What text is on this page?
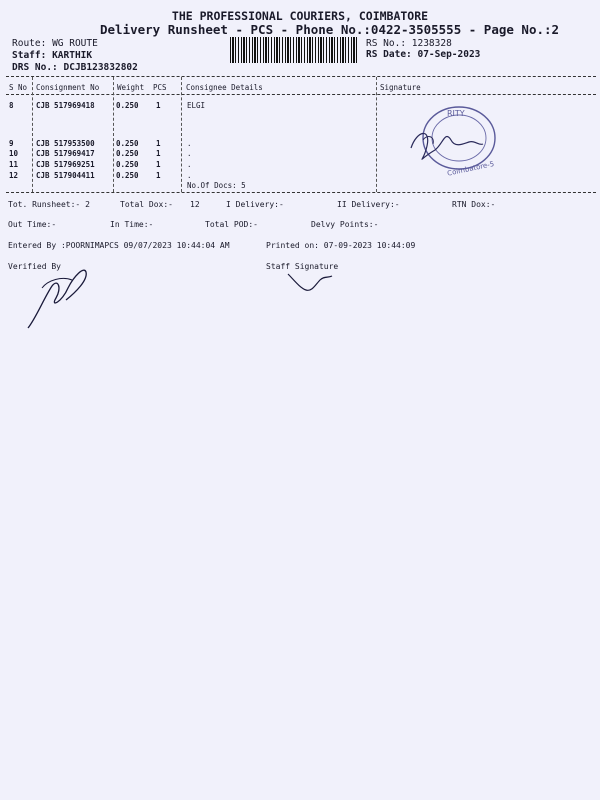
THE PROFESSIONAL COURIERS, COIMBATORE
Delivery Runsheet - PCS - Phone No.:0422-3505555 - Page No.:2
Route: WG ROUTE
Staff: KARTHIK
DRS No.: DCJB123832802
RS No.: 1238328
RS Date: 07-Sep-2023
S No Consignment No Weight PCS	Consignee Details	Signature
8	CJB 517969418	0.250 1	ELGI
9	CJB 517953500	0.250 1	.
10 CJB 517969417	0.250 1	.
11 CJB 517969251	0.250 1	.
12 CJB 517904411	0.250 1	.
No.Of Docs: 5
RITY
Coimbatore-5
Tot. Runsheet:- 2	Total Dox:- 12	I Delivery:-	II Delivery:-	RTN Dox:-
Out Time:-	In Time:-	Total POD:-	Delvy Points:-
Entered By :POORNIMAPCS 09/07/2023 10:44:04 AM	Printed on: 07-09-2023 10:44:09
Verified By	Staff Signature
